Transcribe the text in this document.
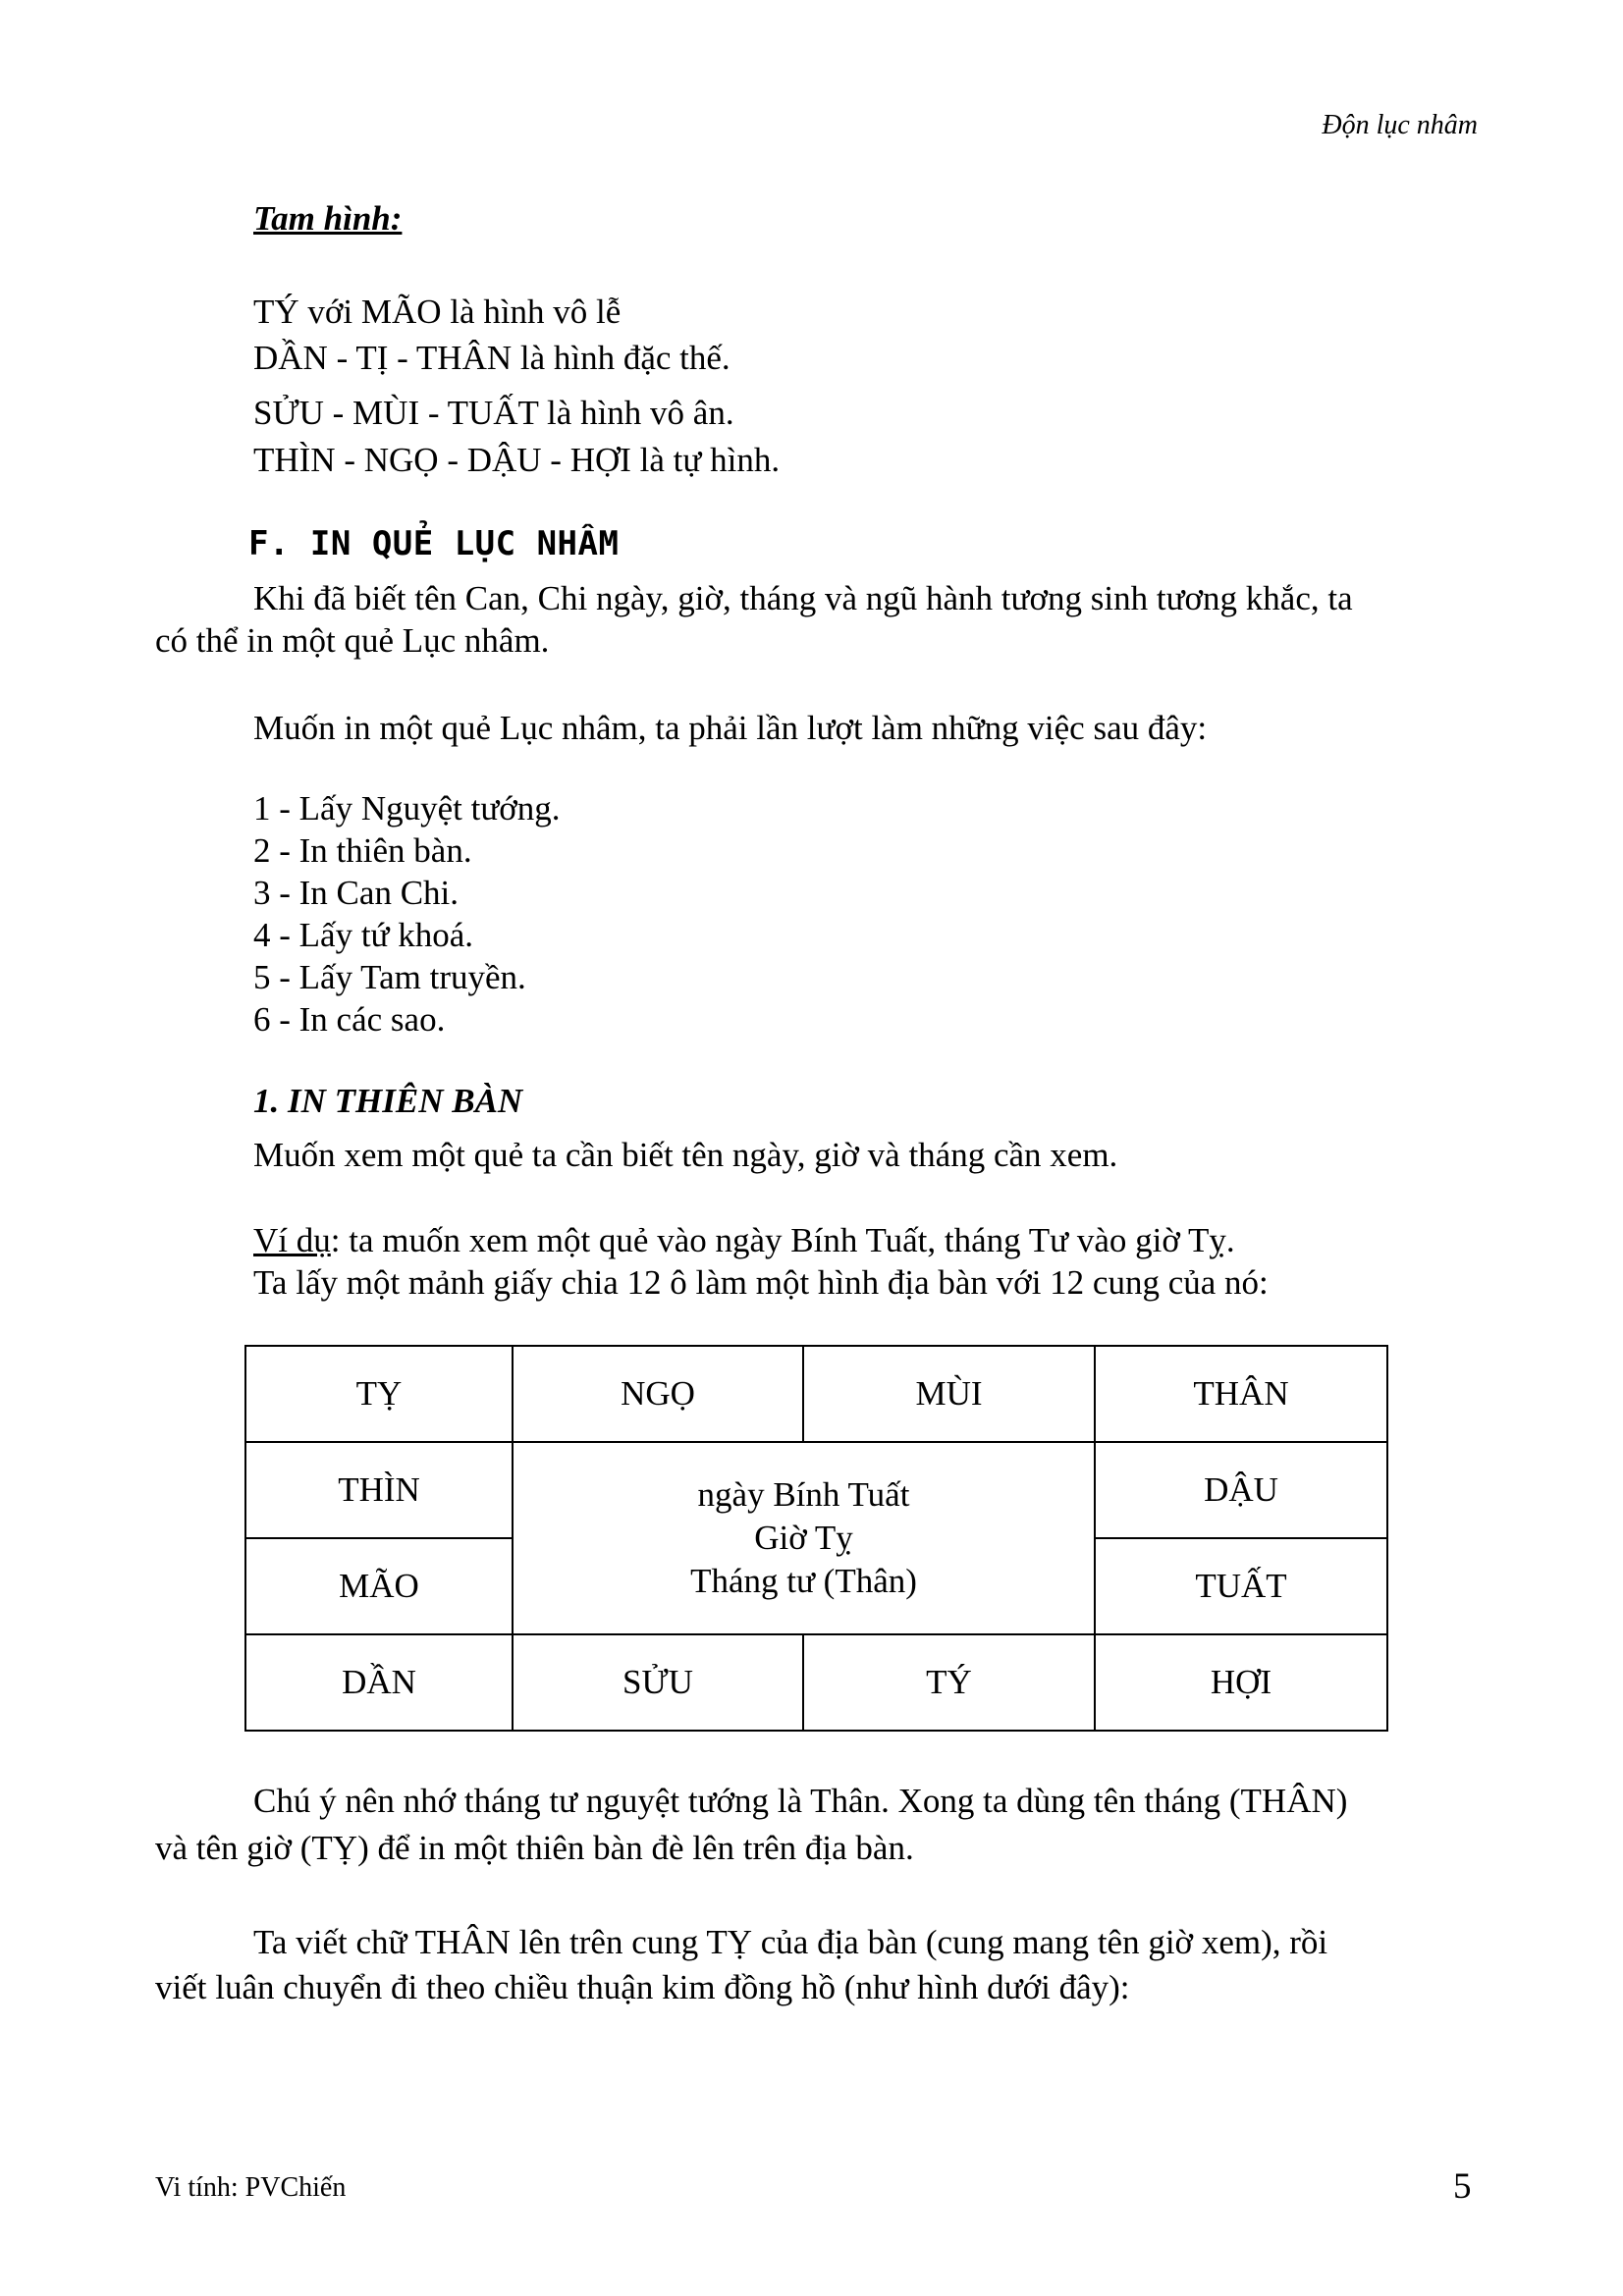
Độn lục nhâm
Tam hình:
TÝ với MÃO là hình vô lễ
DẦN - TỊ - THÂN là hình đặc thế.
SỬU - MÙI - TUẤT là hình vô ân.
THÌN - NGỌ - DẬU - HỢI là tự hình.
F. IN QUẺ LỤC NHÂM
Khi đã biết tên Can, Chi ngày, giờ, tháng và ngũ hành tương sinh tương khắc, ta
có thể in một quẻ Lục nhâm.
Muốn in một quẻ Lục nhâm, ta phải lần lượt làm những việc sau đây:
1 - Lấy Nguyệt tướng.
2 - In thiên bàn.
3 - In Can Chi.
4 - Lấy tứ khoá.
5 - Lấy Tam truyền.
6 - In các sao.
1. IN THIÊN BÀN
Muốn xem một quẻ ta cần biết tên ngày, giờ và tháng cần xem.
Ví dụ: ta muốn xem một quẻ vào ngày Bính Tuất, tháng Tư vào giờ Tỵ.
Ta lấy một mảnh giấy chia 12 ô làm một hình địa bàn với 12 cung của nó:
TỴ	NGỌ	MÙI	THÂN
THÌN	ngày Bính Tuất
Giờ Tỵ
Tháng tư (Thân)		DẬU
MÃO			TUẤT
DẦN	SỬU	TÝ	HỢI
Chú ý nên nhớ tháng tư nguyệt tướng là Thân. Xong ta dùng tên tháng (THÂN)
và tên giờ (TỴ) để in một thiên bàn đè lên trên địa bàn.
Ta viết chữ THÂN lên trên cung TỴ của địa bàn (cung mang tên giờ xem), rồi
viết luân chuyển đi theo chiều thuận kim đồng hồ (như hình dưới đây):
Vi tính: PVChiến	5
